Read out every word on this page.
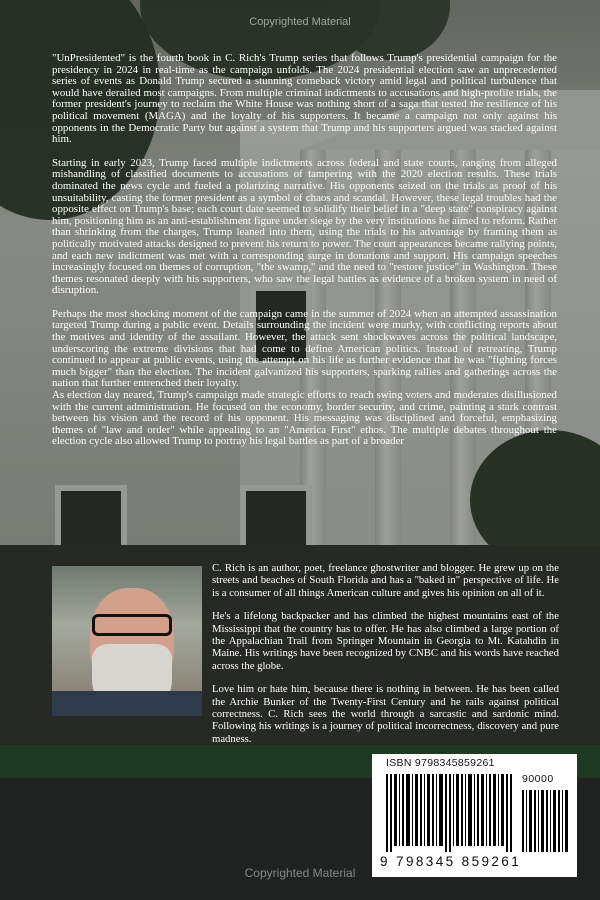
Copyrighted Material

"UnPresidented" is the fourth book in C. Rich's Trump series that follows Trump's presidential campaign for the presidency in 2024 in real-time as the campaign unfolds. The 2024 presidential election saw an unprecedented series of events as Donald Trump secured a stunning comeback victory amid legal and political turbulence that would have derailed most campaigns. From multiple criminal indictments to accusations and high-profile trials, the former president's journey to reclaim the White House was nothing short of a saga that tested the resilience of his political movement (MAGA) and the loyalty of his supporters. It became a campaign not only against his opponents in the Democratic Party but against a system that Trump and his supporters argued was stacked against him.

Starting in early 2023, Trump faced multiple indictments across federal and state courts, ranging from alleged mishandling of classified documents to accusations of tampering with the 2020 election results. These trials dominated the news cycle and fueled a polarizing narrative. His opponents seized on the trials as proof of his unsuitability, casting the former president as a symbol of chaos and scandal. However, these legal troubles had the opposite effect on Trump's base; each court date seemed to solidify their belief in a "deep state" conspiracy against him, positioning him as an anti-establishment figure under siege by the very institutions he aimed to reform. Rather than shrinking from the charges, Trump leaned into them, using the trials to his advantage by framing them as politically motivated attacks designed to prevent his return to power. The court appearances became rallying points, and each new indictment was met with a corresponding surge in donations and support. His campaign speeches increasingly focused on themes of corruption, "the swamp," and the need to "restore justice" in Washington. These themes resonated deeply with his supporters, who saw the legal battles as evidence of a broken system in need of disruption.

Perhaps the most shocking moment of the campaign came in the summer of 2024 when an attempted assassination targeted Trump during a public event. Details surrounding the incident were murky, with conflicting reports about the motives and identity of the assailant. However, the attack sent shockwaves across the political landscape, underscoring the extreme divisions that had come to define American politics. Instead of retreating, Trump continued to appear at public events, using the attempt on his life as further evidence that he was "fighting forces much bigger" than the election. The incident galvanized his supporters, sparking rallies and gatherings across the nation that further entrenched their loyalty.

As election day neared, Trump's campaign made strategic efforts to reach swing voters and moderates disillusioned with the current administration. He focused on the economy, border security, and crime, painting a stark contrast between his vision and the record of his opponent. His messaging was disciplined and forceful, emphasizing themes of "law and order" while appealing to an "America First" ethos. The multiple debates throughout the election cycle also allowed Trump to portray his legal battles as part of a broader

C. Rich is an author, poet, freelance ghostwriter and blogger. He grew up on the streets and beaches of South Florida and has a "baked in" perspective of life. He is a consumer of all things American culture and gives his opinion on all of it.

He's a lifelong backpacker and has climbed the highest mountains east of the Mississippi that the country has to offer. He has also climbed a large portion of the Appalachian Trail from Springer Mountain in Georgia to Mt. Katahdin in Maine. His writings have been recognized by CNBC and his words have reached across the globe.

Love him or hate him, because there is nothing in between. He has been called the Archie Bunker of the Twenty-First Century and he rails against political correctness. C. Rich sees the world through a sarcastic and sardonic mind. Following his writings is a journey of political incorrectness, discovery and pure madness.

ISBN 9798345859261
90000
9 798345 859261
Copyrighted Material
